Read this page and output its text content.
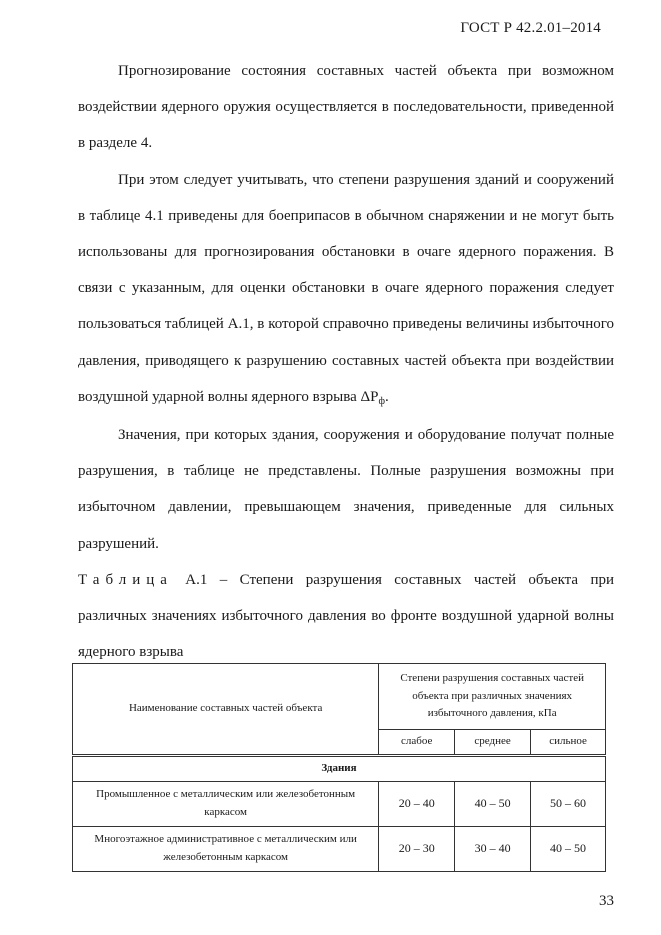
ГОСТ Р 42.2.01–2014

Прогнозирование состояния составных частей объекта при возможном воздействии ядерного оружия осуществляется в последовательности, приведенной в разделе 4.

При этом следует учитывать, что степени разрушения зданий и сооружений в таблице 4.1 приведены для боеприпасов в обычном снаряжении и не могут быть использованы для прогнозирования обстановки в очаге ядерного поражения. В связи с указанным, для оценки обстановки в очаге ядерного поражения следует пользоваться таблицей А.1, в которой справочно приведены величины избыточного давления, приводящего к разрушению составных частей объекта при воздействии воздушной ударной волны ядерного взрыва $\Delta Р_ф$.

Значения, при которых здания, сооружения и оборудование получат полные разрушения, в таблице не представлены. Полные разрушения возможны при избыточном давлении, превышающем значения, приведенные для сильных разрушений.

Таблица А.1 – Степени разрушения составных частей объекта при различных значениях избыточного давления во фронте воздушной ударной волны ядерного взрыва

Наименование составных частей объекта	Степени разрушения составных частей объекта при различных значениях избыточного давления, кПа		
	слабое	среднее	сильное
Здания			
Промышленное с металлическим или железобетонным каркасом	20 – 40	40 – 50	50 – 60
Многоэтажное административное с металлическим или железобетонным каркасом	20 – 30	30 – 40	40 – 50
33
